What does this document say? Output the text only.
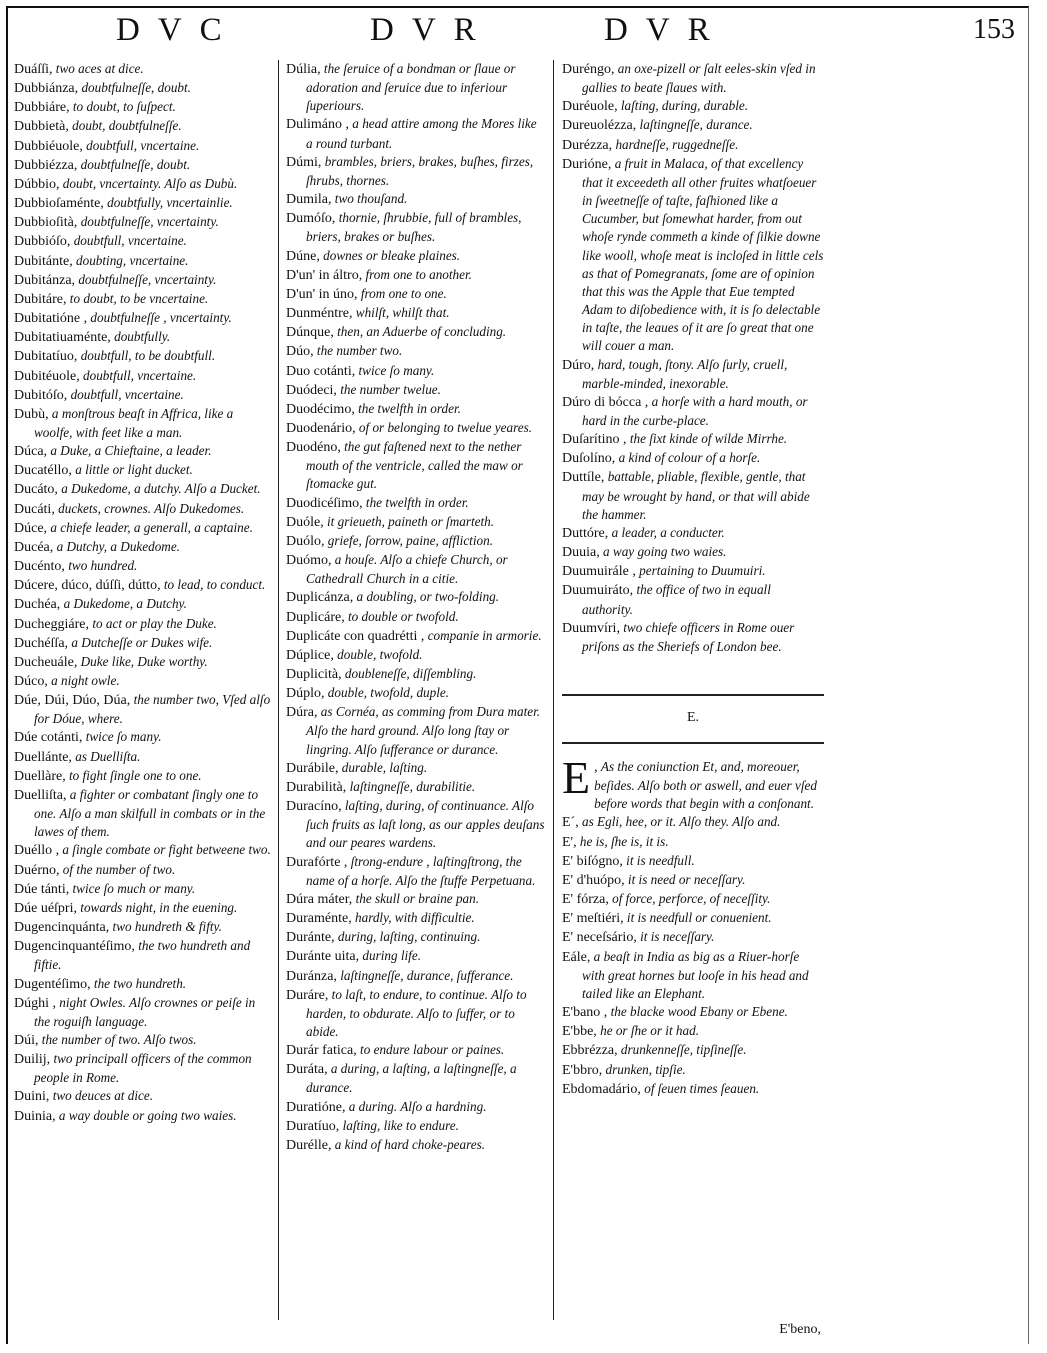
DVC	DVR	DVR	153
Duáſſi, two aces at dice.
Dubbiánza, doubtfulneſſe, doubt.
Dubbiáre, to doubt, to ſuſpect.
Dubbietà, doubt, doubtfulneſſe.
Dubbiéuole, doubtfull, vncertaine.
Dubbiézza, doubtfulneſſe, doubt.
Dúbbio, doubt, vncertainty. Alſo as Dubù.
Dubbioſaménte, doubtfully, vncertainlie.
Dubbioſità, doubtfulneſſe, vncertainty.
Dubbióſo, doubtfull, vncertaine.
Dubitánte, doubting, vncertaine.
Dubitánza, doubtfulneſſe, vncertainty.
Dubitáre, to doubt, to be vncertaine.
Dubitatióne , doubtfulneſſe , vncertainty.
Dubitatiuaménte, doubtfully.
Dubitatíuo, doubtfull, to be doubtfull.
Dubitéuole, doubtfull, vncertaine.
Dubitóſo, doubtfull, vncertaine.
Dubù, a monſtrous beaſt in Affrica, like a woolfe, with feet like a man.
Dúca, a Duke, a Chieftaine, a leader.
Ducatéllo, a little or light ducket.
Ducáto, a Dukedome, a dutchy. Alſo a Ducket.
Ducáti, duckets, crownes. Alſo Dukedomes.
Dúce, a chiefe leader, a generall, a captaine.
Ducéa, a Dutchy, a Dukedome.
Ducénto, two hundred.
Dúcere, dúco, dúſſi, dútto, to lead, to conduct.
Duchéa, a Dukedome, a Dutchy.
Ducheggiáre, to act or play the Duke.
Duchéſſa, a Dutcheſſe or Dukes wife.
Ducheuále, Duke like, Duke worthy.
Dúco, a night owle.
Dúe, Dúi, Dúo, Dúa, the number two, Vſed alſo for Dóue, where.
Dúe cotánti, twice ſo many.
Duellánte, as Duelliſta.
Duellàre, to fight ſingle one to one.
Duelliſta, a fighter or combatant ſingly one to one. Alſo a man skilfull in combats or in the lawes of them.
Duéllo , a ſingle combate or fight betweene two.
Duérno, of the number of two.
Dúe tánti, twice ſo much or many.
Dúe uéſpri, towards night, in the euening.
Dugencinquánta, two hundreth & fifty.
Dugencinquantéſimo, the two hundreth and fiftie.
Dugentéſimo, the two hundreth.
Dúghi , night Owles. Alſo crownes or peiſe in the roguiſh language.
Dúi, the number of two. Alſo twos.
Duilij, two principall officers of the common people in Rome.
Duini, two deuces at dice.
Duinia, a way double or going two waies.
Dúlia, the ſeruice of a bondman or ſlaue or adoration and ſeruice due to inferiour ſuperiours.
Dulimáno , a head attire among the Mores like a round turbant.
Dúmi, brambles, briers, brakes, buſhes, firzes, ſhrubs, thornes.
Dumila, two thouſand.
Dumóſo, thornie, ſhrubbie, full of brambles, briers, brakes or buſhes.
Dúne, downes or bleake plaines.
D'un' in áltro, from one to another.
D'un' in úno, from one to one.
Dunméntre, whilſt, whilſt that.
Dúnque, then, an Aduerbe of concluding.
Dúo, the number two.
Duo cotánti, twice ſo many.
Duódeci, the number twelue.
Duodécimo, the twelfth in order.
Duodenário, of or belonging to twelue yeares.
Duodéno, the gut faſtened next to the nether mouth of the ventricle, called the maw or ſtomacke gut.
Duodicéſimo, the twelfth in order.
Duóle, it grieueth, paineth or ſmarteth.
Duólo, griefe, ſorrow, paine, affliction.
Duómo, a houſe. Alſo a chiefe Church, or Cathedrall Church in a citie.
Duplicánza, a doubling, or two-folding.
Duplicáre, to double or twofold.
Duplicáte con quadrétti , companie in armorie.
Dúplice, double, twofold.
Duplicità, doubleneſſe, diſſembling.
Dúplo, double, twofold, duple.
Dúra, as Cornéa, as comming from Dura mater. Alſo the hard ground. Alſo long ſtay or lingring. Alſo ſufferance or durance.
Durábile, durable, laſting.
Durabilità, laſtingneſſe, durabilitie.
Duracíno, laſting, during, of continuance. Alſo ſuch fruits as laſt long, as our apples deuſans and our peares wardens.
Durafórte , ſtrong-endure , laſtingſtrong, the name of a horſe. Alſo the ſtuffe Perpetuana.
Dúra máter, the skull or braine pan.
Duraménte, hardly, with difficultie.
Duránte, during, laſting, continuing.
Duránte uita, during life.
Duránza, laſtingneſſe, durance, ſufferance.
Duráre, to laſt, to endure, to continue. Alſo to harden, to obdurate. Alſo to ſuffer, or to abide.
Durár fatica, to endure labour or paines.
Duráta, a during, a laſting, a laſtingneſſe, a durance.
Duratióne, a during. Alſo a hardning.
Duratíuo, laſting, like to endure.
Durélle, a kind of hard choke-peares.
Duréngo, an oxe-pizell or ſalt eeles-skin vſed in gallies to beate ſlaues with.
Duréuole, laſting, during, durable.
Dureuolézza, laſtingneſſe, durance.
Durézza, hardneſſe, ruggedneſſe.
Durióne, a fruit in Malaca, of that excellency that it exceedeth all other fruites whatſoeuer in ſweetneſſe of taſte, faſhioned like a Cucumber, but ſomewhat harder, from out whoſe rynde commeth a kinde of ſilkie downe like wooll, whoſe meat is incloſed in little cels as that of Pomegranats, ſome are of opinion that this was the Apple that Eue tempted Adam to diſobedience with, it is ſo delectable in taſte, the leaues of it are ſo great that one will couer a man.
Dúro, hard, tough, ſtony. Alſo ſurly, cruell, marble-minded, inexorable.
Dúro di bócca , a horſe with a hard mouth, or hard in the curbe-place.
Duſarítino , the ſixt kinde of wilde Mirrhe.
Duſolíno, a kind of colour of a horſe.
Duttíle, battable, pliable, flexible, gentle, that may be wrought by hand, or that will abide the hammer.
Duttóre, a leader, a conducter.
Duuia, a way going two waies.
Duumuirále , pertaining to Duumuiri.
Duumuiráto, the office of two in equall authority.
Duumvíri, two chiefe officers in Rome ouer priſons as the Sheriefs of London bee.
E.
E , As the coniunction Et, and, moreouer, beſides. Alſo both or aswell, and euer vſed before words that begin with a conſonant.
Eˊ, as Egli, hee, or it. Alſo they. Alſo and.
E', he is, ſhe is, it is.
E' biſógno, it is needfull.
E' d'huópo, it is need or neceſſary.
E' fórza, of force, perforce, of neceſſity.
E' meſtiéri, it is needfull or conuenient.
E' neceſsário, it is neceſſary.
Eále, a beaſt in India as big as a Riuer-horſe with great hornes but looſe in his head and tailed like an Elephant.
E'bano , the blacke wood Ebany or Ebene.
E'bbe, he or ſhe or it had.
Ebbrézza, drunkenneſſe, tipſineſſe.
E'bbro, drunken, tipſie.
Ebdomadário, of ſeuen times ſeauen.
E'beno,
